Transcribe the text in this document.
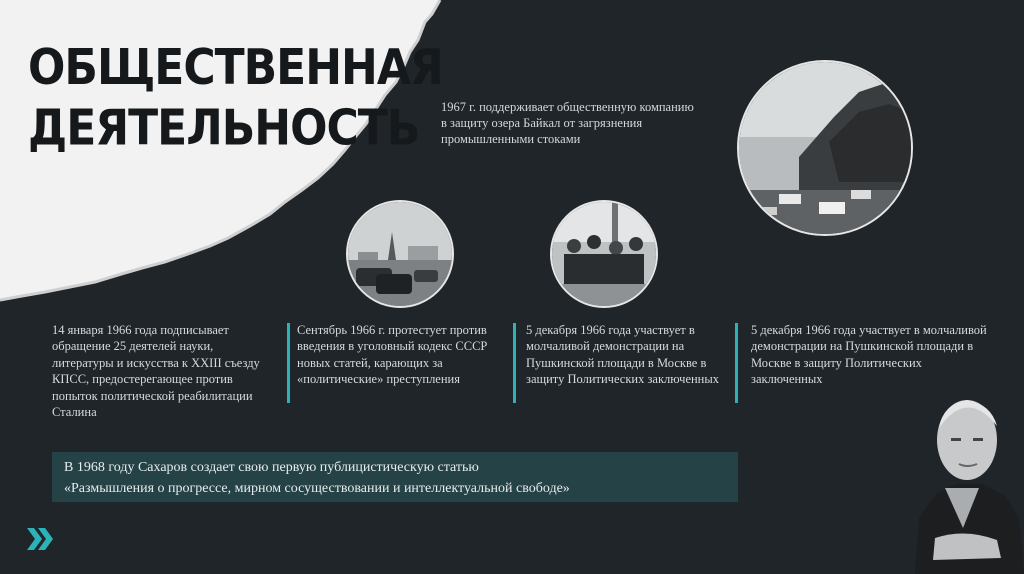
ОБЩЕСТВЕННАЯ
ДЕЯТЕЛЬНОСТЬ	1967 г. поддерживает общественную компанию в защиту озера Байкал от загрязнения промышленными стоками
14 января 1966 года подписывает обращение 25 деятелей науки, литературы и искусства к XXIII съезду КПСС, предостерегающее против попыток политической реабилитации Сталина
Сентябрь 1966 г. протестует против введения в уголовный кодекс СССР новых статей, карающих за «политические» преступления
5 декабря 1966 года участвует в молчаливой демонстрации на Пушкинской площади в Москве в защиту Политических заключенных
5 декабря 1966 года участвует в молчаливой демонстрации на Пушкинской площади в Москве в защиту Политических заключенных
В 1968 году Сахаров создает свою первую публицистическую статью
«Размышления о прогрессе, мирном сосуществовании и интеллектуальной свободе»
